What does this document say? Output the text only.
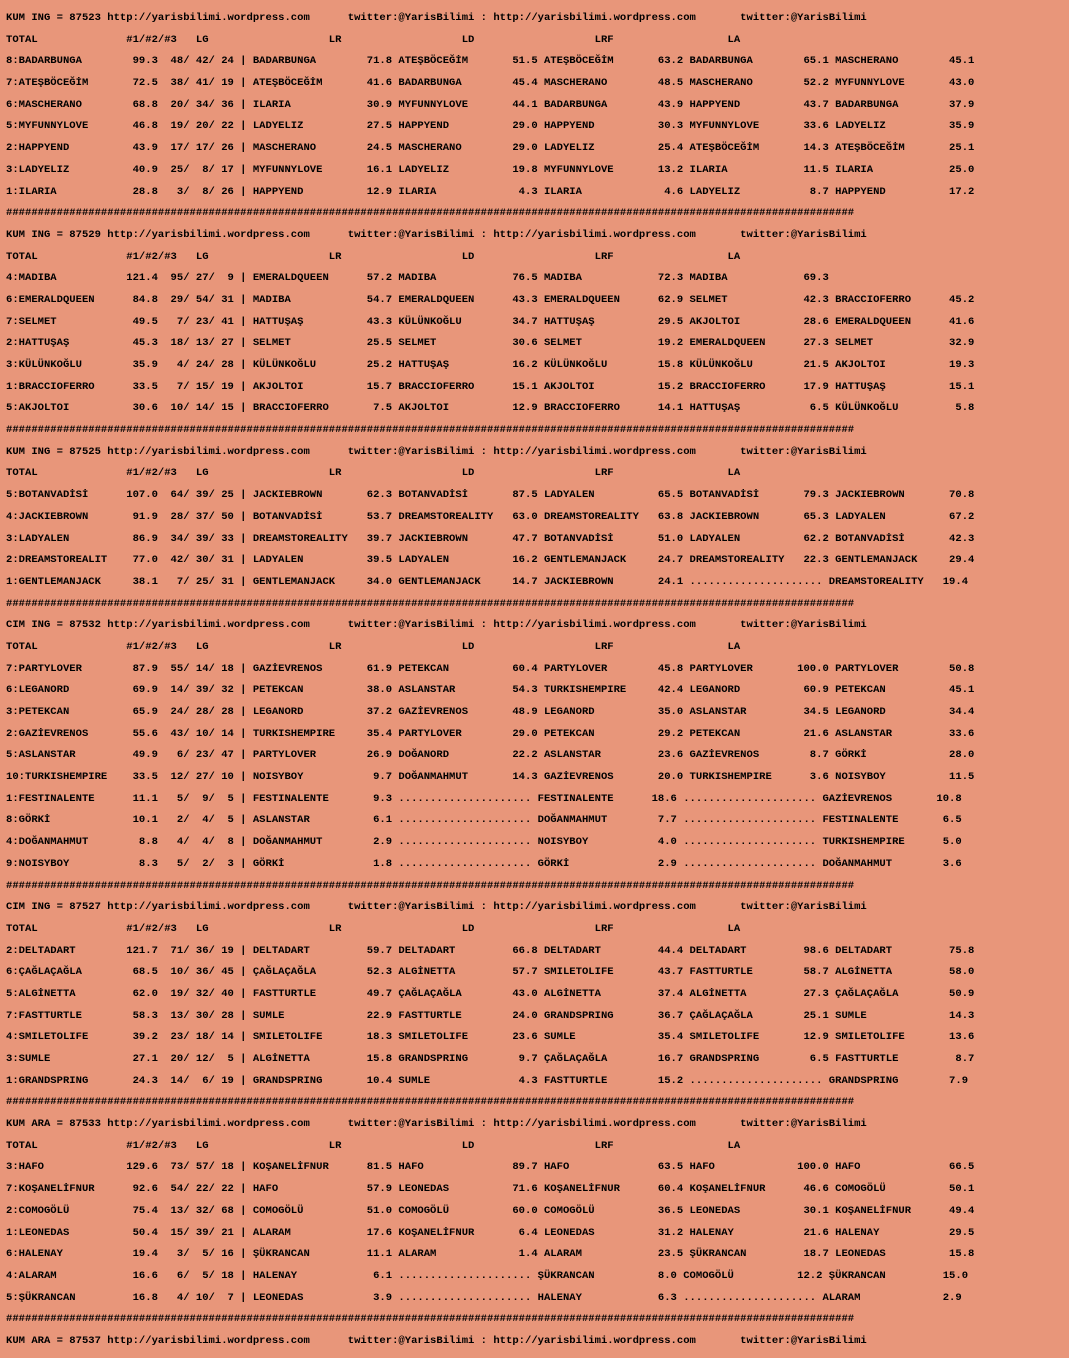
KUM ING = 87523 http://yarisbilimi.wordpress.com      twitter:@YarisBilimi : http://yarisbilimi.wordpress.com       twitter:@YarisBilimi

TOTAL              #1/#2/#3   LG                   LR                   LD                   LRF                  LA

8:BADARBUNGA        99.3  48/ 42/ 24 | BADARBUNGA        71.8 ATEŞBÖCEĞİM       51.5 ATEŞBÖCEĞİM       63.2 BADARBUNGA        65.1 MASCHERANO        45.1

7:ATEŞBÖCEĞİM       72.5  38/ 41/ 19 | ATEŞBÖCEĞİM       41.6 BADARBUNGA        45.4 MASCHERANO        48.5 MASCHERANO        52.2 MYFUNNYLOVE       43.0

6:MASCHERANO        68.8  20/ 34/ 36 | ILARIA            30.9 MYFUNNYLOVE       44.1 BADARBUNGA        43.9 HAPPYEND          43.7 BADARBUNGA        37.9

5:MYFUNNYLOVE       46.8  19/ 20/ 22 | LADYELIZ          27.5 HAPPYEND          29.0 HAPPYEND          30.3 MYFUNNYLOVE       33.6 LADYELIZ          35.9

2:HAPPYEND          43.9  17/ 17/ 26 | MASCHERANO        24.5 MASCHERANO        29.0 LADYELIZ          25.4 ATEŞBÖCEĞİM       14.3 ATEŞBÖCEĞİM       25.1

3:LADYELIZ          40.9  25/  8/ 17 | MYFUNNYLOVE       16.1 LADYELIZ          19.8 MYFUNNYLOVE       13.2 ILARIA            11.5 ILARIA            25.0

1:ILARIA            28.8   3/  8/ 26 | HAPPYEND          12.9 ILARIA             4.3 ILARIA             4.6 LADYELIZ           8.7 HAPPYEND          17.2

######################################################################################################################################

KUM ING = 87529 http://yarisbilimi.wordpress.com      twitter:@YarisBilimi : http://yarisbilimi.wordpress.com       twitter:@YarisBilimi

TOTAL              #1/#2/#3   LG                   LR                   LD                   LRF                  LA

4:MADIBA           121.4  95/ 27/  9 | EMERALDQUEEN      57.2 MADIBA            76.5 MADIBA            72.3 MADIBA            69.3

6:EMERALDQUEEN      84.8  29/ 54/ 31 | MADIBA            54.7 EMERALDQUEEN      43.3 EMERALDQUEEN      62.9 SELMET            42.3 BRACCIOFERRO      45.2

7:SELMET            49.5   7/ 23/ 41 | HATTUŞAŞ          43.3 KÜLÜNKOĞLU        34.7 HATTUŞAŞ          29.5 AKJOLTOI          28.6 EMERALDQUEEN      41.6

2:HATTUŞAŞ          45.3  18/ 13/ 27 | SELMET            25.5 SELMET            30.6 SELMET            19.2 EMERALDQUEEN      27.3 SELMET            32.9

3:KÜLÜNKOĞLU        35.9   4/ 24/ 28 | KÜLÜNKOĞLU        25.2 HATTUŞAŞ          16.2 KÜLÜNKOĞLU        15.8 KÜLÜNKOĞLU        21.5 AKJOLTOI          19.3

1:BRACCIOFERRO      33.5   7/ 15/ 19 | AKJOLTOI          15.7 BRACCIOFERRO      15.1 AKJOLTOI          15.2 BRACCIOFERRO      17.9 HATTUŞAŞ          15.1

5:AKJOLTOI          30.6  10/ 14/ 15 | BRACCIOFERRO       7.5 AKJOLTOI          12.9 BRACCIOFERRO      14.1 HATTUŞAŞ           6.5 KÜLÜNKOĞLU         5.8

######################################################################################################################################

KUM ING = 87525 http://yarisbilimi.wordpress.com      twitter:@YarisBilimi : http://yarisbilimi.wordpress.com       twitter:@YarisBilimi

TOTAL              #1/#2/#3   LG                   LR                   LD                   LRF                  LA

5:BOTANVADİSİ      107.0  64/ 39/ 25 | JACKIEBROWN       62.3 BOTANVADİSİ       87.5 LADYALEN          65.5 BOTANVADİSİ       79.3 JACKIEBROWN       70.8

4:JACKIEBROWN       91.9  28/ 37/ 50 | BOTANVADİSİ       53.7 DREAMSTOREALITY   63.0 DREAMSTOREALITY   63.8 JACKIEBROWN       65.3 LADYALEN          67.2

3:LADYALEN          86.9  34/ 39/ 33 | DREAMSTOREALITY   39.7 JACKIEBROWN       47.7 BOTANVADİSİ       51.0 LADYALEN          62.2 BOTANVADİSİ       42.3

2:DREAMSTOREALIT    77.0  42/ 30/ 31 | LADYALEN          39.5 LADYALEN          16.2 GENTLEMANJACK     24.7 DREAMSTOREALITY   22.3 GENTLEMANJACK     29.4

1:GENTLEMANJACK     38.1   7/ 25/ 31 | GENTLEMANJACK     34.0 GENTLEMANJACK     14.7 JACKIEBROWN       24.1 ..................... DREAMSTOREALITY   19.4

######################################################################################################################################

CIM ING = 87532 http://yarisbilimi.wordpress.com      twitter:@YarisBilimi : http://yarisbilimi.wordpress.com       twitter:@YarisBilimi

TOTAL              #1/#2/#3   LG                   LR                   LD                   LRF                  LA

7:PARTYLOVER        87.9  55/ 14/ 18 | GAZİEVRENOS       61.9 PETEKCAN          60.4 PARTYLOVER        45.8 PARTYLOVER       100.0 PARTYLOVER        50.8

6:LEGANORD          69.9  14/ 39/ 32 | PETEKCAN          38.0 ASLANSTAR         54.3 TURKISHEMPIRE     42.4 LEGANORD          60.9 PETEKCAN          45.1

3:PETEKCAN          65.9  24/ 28/ 28 | LEGANORD          37.2 GAZİEVRENOS       48.9 LEGANORD          35.0 ASLANSTAR         34.5 LEGANORD          34.4

2:GAZİEVRENOS       55.6  43/ 10/ 14 | TURKISHEMPIRE     35.4 PARTYLOVER        29.0 PETEKCAN          29.2 PETEKCAN          21.6 ASLANSTAR         33.6

5:ASLANSTAR         49.9   6/ 23/ 47 | PARTYLOVER        26.9 DOĞANORD          22.2 ASLANSTAR         23.6 GAZİEVRENOS        8.7 GÖRKİ             28.0

10:TURKISHEMPIRE    33.5  12/ 27/ 10 | NOISYBOY           9.7 DOĞANMAHMUT       14.3 GAZİEVRENOS       20.0 TURKISHEMPIRE      3.6 NOISYBOY          11.5

1:FESTINALENTE      11.1   5/  9/  5 | FESTINALENTE       9.3 ..................... FESTINALENTE      18.6 ..................... GAZİEVRENOS       10.8

8:GÖRKİ             10.1   2/  4/  5 | ASLANSTAR          6.1 ..................... DOĞANMAHMUT        7.7 ..................... FESTINALENTE       6.5

4:DOĞANMAHMUT        8.8   4/  4/  8 | DOĞANMAHMUT        2.9 ..................... NOISYBOY           4.0 ..................... TURKISHEMPIRE      5.0

9:NOISYBOY           8.3   5/  2/  3 | GÖRKİ              1.8 ..................... GÖRKİ              2.9 ..................... DOĞANMAHMUT        3.6

######################################################################################################################################

CIM ING = 87527 http://yarisbilimi.wordpress.com      twitter:@YarisBilimi : http://yarisbilimi.wordpress.com       twitter:@YarisBilimi

TOTAL              #1/#2/#3   LG                   LR                   LD                   LRF                  LA

2:DELTADART        121.7  71/ 36/ 19 | DELTADART         59.7 DELTADART         66.8 DELTADART         44.4 DELTADART         98.6 DELTADART         75.8

6:ÇAĞLAÇAĞLA        68.5  10/ 36/ 45 | ÇAĞLAÇAĞLA        52.3 ALGİNETTA         57.7 SMILETOLIFE       43.7 FASTTURTLE        58.7 ALGİNETTA         58.0

5:ALGİNETTA         62.0  19/ 32/ 40 | FASTTURTLE        49.7 ÇAĞLAÇAĞLA        43.0 ALGİNETTA         37.4 ALGİNETTA         27.3 ÇAĞLAÇAĞLA        50.9

7:FASTTURTLE        58.3  13/ 30/ 28 | SUMLE             22.9 FASTTURTLE        24.0 GRANDSPRING       36.7 ÇAĞLAÇAĞLA        25.1 SUMLE             14.3

4:SMILETOLIFE       39.2  23/ 18/ 14 | SMILETOLIFE       18.3 SMILETOLIFE       23.6 SUMLE             35.4 SMILETOLIFE       12.9 SMILETOLIFE       13.6

3:SUMLE             27.1  20/ 12/  5 | ALGİNETTA         15.8 GRANDSPRING        9.7 ÇAĞLAÇAĞLA        16.7 GRANDSPRING        6.5 FASTTURTLE         8.7

1:GRANDSPRING       24.3  14/  6/ 19 | GRANDSPRING       10.4 SUMLE              4.3 FASTTURTLE        15.2 ..................... GRANDSPRING        7.9

######################################################################################################################################

KUM ARA = 87533 http://yarisbilimi.wordpress.com      twitter:@YarisBilimi : http://yarisbilimi.wordpress.com       twitter:@YarisBilimi

TOTAL              #1/#2/#3   LG                   LR                   LD                   LRF                  LA

3:HAFO             129.6  73/ 57/ 18 | KOŞANELİFNUR      81.5 HAFO              89.7 HAFO              63.5 HAFO             100.0 HAFO              66.5

7:KOŞANELİFNUR      92.6  54/ 22/ 22 | HAFO              57.9 LEONEDAS          71.6 KOŞANELİFNUR      60.4 KOŞANELİFNUR      46.6 COMOGÖLÜ          50.1

2:COMOGÖLÜ          75.4  13/ 32/ 68 | COMOGÖLÜ          51.0 COMOGÖLÜ          60.0 COMOGÖLÜ          36.5 LEONEDAS          30.1 KOŞANELİFNUR      49.4

1:LEONEDAS          50.4  15/ 39/ 21 | ALARAM            17.6 KOŞANELİFNUR       6.4 LEONEDAS          31.2 HALENAY           21.6 HALENAY           29.5

6:HALENAY           19.4   3/  5/ 16 | ŞÜKRANCAN         11.1 ALARAM             1.4 ALARAM            23.5 ŞÜKRANCAN         18.7 LEONEDAS          15.8

4:ALARAM            16.6   6/  5/ 18 | HALENAY            6.1 ..................... ŞÜKRANCAN          8.0 COMOGÖLÜ          12.2 ŞÜKRANCAN         15.0

5:ŞÜKRANCAN         16.8   4/ 10/  7 | LEONEDAS           3.9 ..................... HALENAY            6.3 ..................... ALARAM             2.9

######################################################################################################################################

KUM ARA = 87537 http://yarisbilimi.wordpress.com      twitter:@YarisBilimi : http://yarisbilimi.wordpress.com       twitter:@YarisBilimi
